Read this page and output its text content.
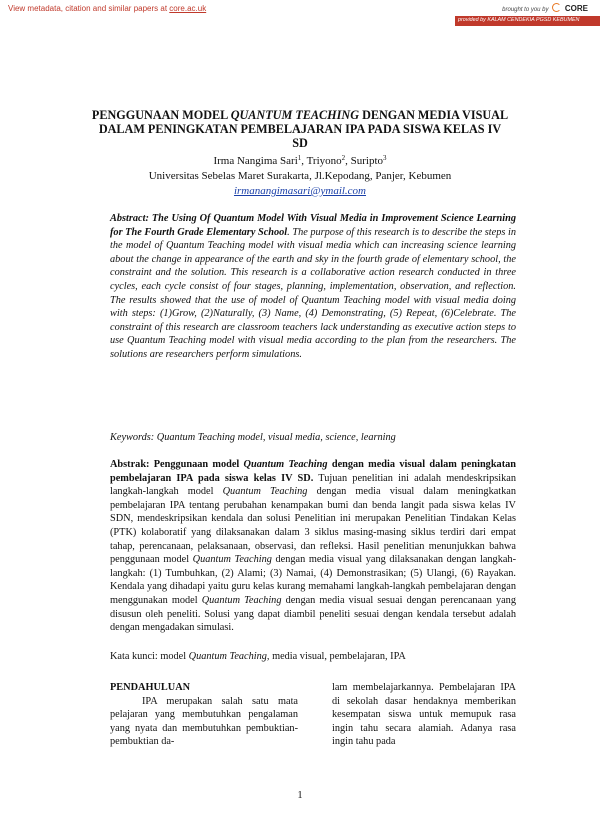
View metadata, citation and similar papers at core.ac.uk	brought to you by CORE
provided by KALAM CENDEKIA PGSD KEBUMEN
PENGGUNAAN MODEL QUANTUM TEACHING DENGAN MEDIA VISUAL DALAM PENINGKATAN PEMBELAJARAN IPA PADA SISWA KELAS IV SD
Irma Nangima Sari$^1$, Triyono$^2$, Suripto$^3$
Universitas Sebelas Maret Surakarta, Jl.Kepodang, Panjer, Kebumen
irmanangimasari@ymail.com
Abstract: The Using Of Quantum Model With Visual Media in Improvement Science Learning for The Fourth Grade Elementary School. The purpose of this research is to describe the steps in the model of Quantum Teaching model with visual media which can increasing science learning about the change in appearance of the earth and sky in the fourth grade of elementary school, the constraint and the solution. This research is a collaborative action research conducted in three cycles, each cycle consist of four stages, planning, implementation, observation, and reflection. The results showed that the use of model of Quantum Teaching model with visual media doing with steps: (1)Grow, (2)Naturally, (3) Name, (4) Demonstrating, (5) Repeat, (6)Celebrate. The constraint of this research are classroom teachers lack understanding as executive action steps to use Quantum Teaching model with visual media according to the plan from the researchers. The solutions are researchers perform simulations.
Keywords: Quantum Teaching model, visual media, science, learning
Abstrak: Penggunaan model Quantum Teaching dengan media visual dalam peningkatan pembelajaran IPA pada siswa kelas IV SD. Tujuan penelitian ini adalah mendeskripsikan langkah-langkah model Quantum Teaching dengan media visual dalam meningkatkan pembelajaran IPA tentang perubahan kenampakan bumi dan benda langit pada siswa kelas IV SDN, mendeskripsikan kendala dan solusi Penelitian ini merupakan Penelitian Tindakan Kelas (PTK) kolaboratif yang dilaksanakan dalam 3 siklus masing-masing siklus terdiri dari empat tahap, perencanaan, pelaksanaan, observasi, dan refleksi. Hasil penelitian menunjukkan bahwa penggunaan model Quantum Teaching dengan media visual yang dilaksanakan dengan langkah-langkah: (1) Tumbuhkan, (2) Alami; (3) Namai, (4) Demonstrasikan; (5) Ulangi, (6) Rayakan. Kendala yang dihadapi yaitu guru kelas kurang memahami langkah-langkah pembelajaran dengan menggunakan model Quantum Teaching dengan media visual sesuai dengan perencanaan yang disusun oleh peneliti. Solusi yang dapat diambil peneliti sesuai dengan kendala tersebut adalah dengan mengadakan simulasi.
Kata kunci: model Quantum Teaching, media visual, pembelajaran, IPA

PENDAHULUAN

IPA merupakan salah satu mata pelajaran yang membutuhkan pengalaman yang nyata dan membutuhkan pembuktian-pembuktian da-
lam membelajarkannya. Pembelajaran IPA di sekolah dasar hendaknya memberikan kesempatan siswa untuk memupuk rasa ingin tahu secara alamiah. Adanya rasa ingin tahu pada
1
